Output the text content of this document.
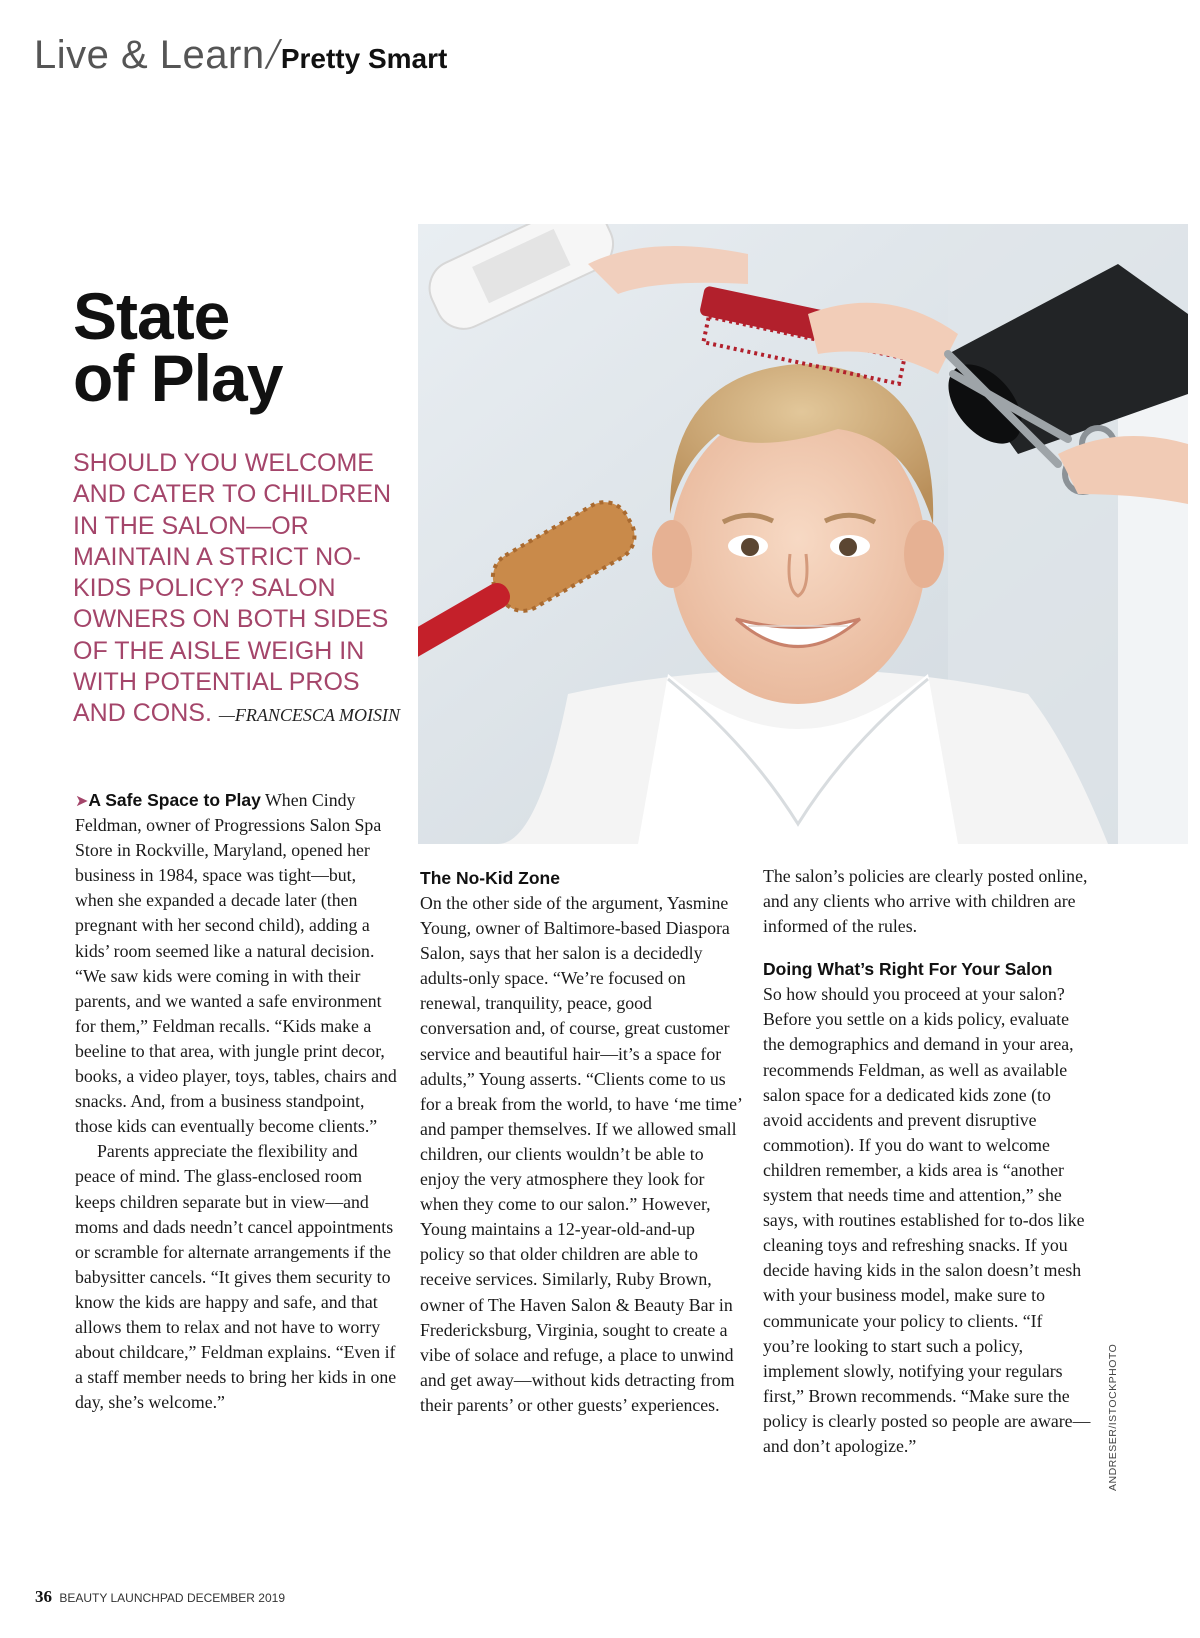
Live & Learn/Pretty Smart
State
of Play

SHOULD YOU WELCOME AND CATER TO CHILDREN IN THE SALON—OR MAINTAIN A STRICT NO-KIDS POLICY? SALON OWNERS ON BOTH SIDES OF THE AISLE WEIGH IN WITH POTENTIAL PROS AND CONS. —FRANCESCA MOISIN

➤A Safe Space to Play When Cindy Feldman, owner of Progressions Salon Spa Store in Rockville, Maryland, opened her business in 1984, space was tight—but, when she expanded a decade later (then pregnant with her second child), adding a kids’ room seemed like a natural decision. “We saw kids were coming in with their parents, and we wanted a safe environment for them,” Feldman recalls. “Kids make a beeline to that area, with jungle print decor, books, a video player, toys, tables, chairs and snacks. And, from a business standpoint, those kids can eventually become clients.”

Parents appreciate the flexibility and peace of mind. The glass-enclosed room keeps children separate but in view—and moms and dads needn’t cancel appointments or scramble for alternate arrangements if the babysitter cancels. “It gives them security to know the kids are happy and safe, and that allows them to relax and not have to worry about childcare,” Feldman explains. “Even if a staff member needs to bring her kids in one day, she’s welcome.”

The No-Kid Zone

On the other side of the argument, Yasmine Young, owner of Baltimore-based Diaspora Salon, says that her salon is a decidedly adults-only space. “We’re focused on renewal, tranquility, peace, good conversation and, of course, great customer service and beautiful hair—it’s a space for adults,” Young asserts. “Clients come to us for a break from the world, to have ‘me time’ and pamper themselves. If we allowed small children, our clients wouldn’t be able to enjoy the very atmosphere they look for when they come to our salon.” However, Young maintains a 12-year-old-and-up policy so that older children are able to receive services. Similarly, Ruby Brown, owner of The Haven Salon & Beauty Bar in Fredericksburg, Virginia, sought to create a vibe of solace and refuge, a place to unwind and get away—without kids detracting from their parents’ or other guests’ experiences.

The salon’s policies are clearly posted online, and any clients who arrive with children are informed of the rules.

Doing What’s Right For Your Salon

So how should you proceed at your salon? Before you settle on a kids policy, evaluate the demographics and demand in your area, recommends Feldman, as well as available salon space for a dedicated kids zone (to avoid accidents and prevent disruptive commotion). If you do want to welcome children remember, a kids area is “another system that needs time and attention,” she says, with routines established for to-dos like cleaning toys and refreshing snacks. If you decide having kids in the salon doesn’t mesh with your business model, make sure to communicate your policy to clients. “If you’re looking to start such a policy, implement slowly, notifying your regulars first,” Brown recommends. “Make sure the policy is clearly posted so people are aware—and don’t apologize.”	ANDRESER/ISTOCKPHOTO
36 BEAUTY LAUNCHPAD DECEMBER 2019
